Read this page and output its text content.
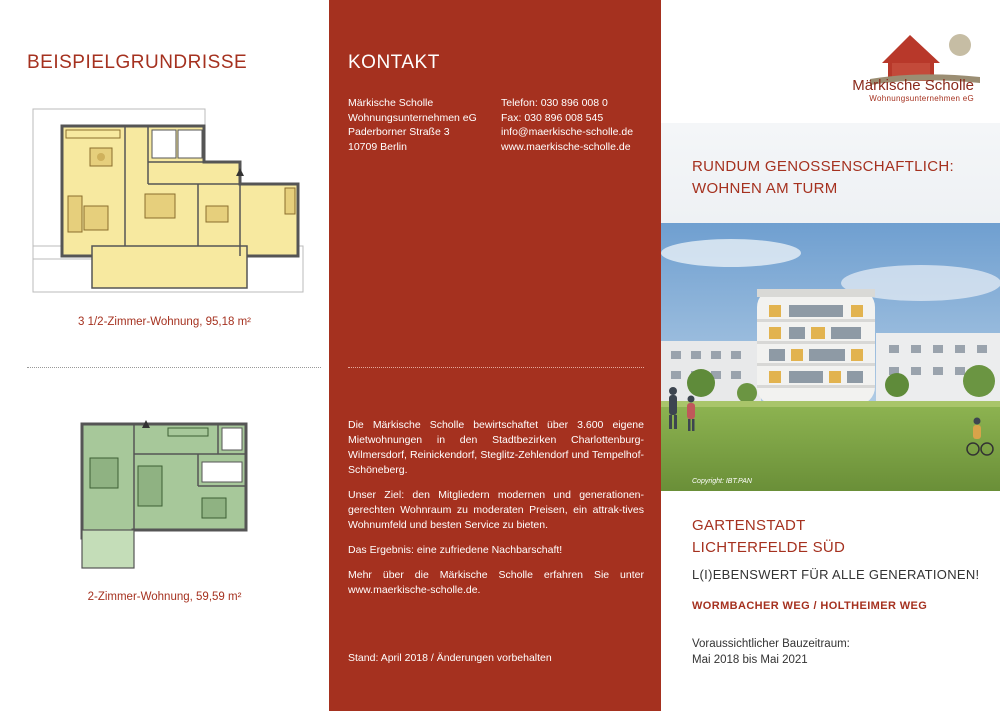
BEISPIELGRUNDRISSE
3 1/2-Zimmer-Wohnung, 95,18 m²
2-Zimmer-Wohnung, 59,59 m²
KONTAKT
Märkische Scholle
Wohnungsunternehmen eG
Paderborner Straße 3
10709 Berlin
Telefon: 030 896 008 0
Fax: 030 896 008 545
info@maerkische-scholle.de
www.maerkische-scholle.de

Die Märkische Scholle bewirtschaftet über 3.600 eigene Mietwohnungen in den Stadtbezirken Charlottenburg-Wilmersdorf, Reinickendorf, Steglitz-Zehlendorf und Tempelhof-Schöneberg.

Unser Ziel: den Mitgliedern modernen und generationen-gerechten Wohnraum zu moderaten Preisen, ein attrak-tives Wohnumfeld und besten Service zu bieten.

Das Ergebnis: eine zufriedene Nachbarschaft!

Mehr über die Märkische Scholle erfahren Sie unter www.maerkische-scholle.de.

Stand: April 2018 / Änderungen vorbehalten
Märkische Scholle
Wohnungsunternehmen eG
RUNDUM GENOSSENSCHAFTLICH:
WOHNEN AM TURM
Copyright: IBT.PAN
GARTENSTADT
LICHTERFELDE SÜD
L(I)EBENSWERT FÜR ALLE GENERATIONEN!
WORMBACHER WEG / HOLTHEIMER WEG
Voraussichtlicher Bauzeitraum:
Mai 2018 bis Mai 2021
